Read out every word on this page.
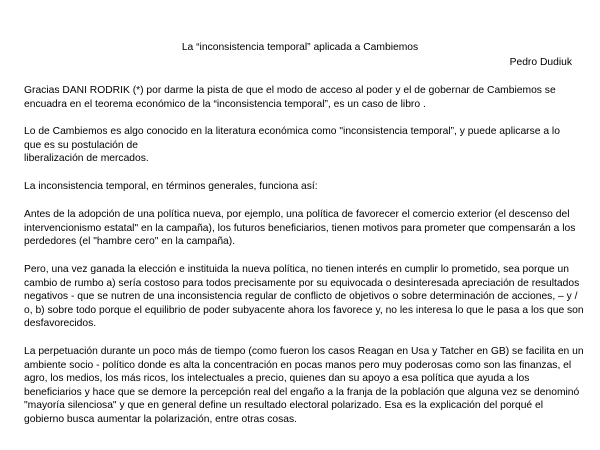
La “inconsistencia temporal” aplicada a Cambiemos
Pedro Dudiuk

Gracias DANI RODRIK (*) por darme la pista de que el modo de acceso al poder y el de gobernar de Cambiemos se encuadra en el teorema económico de la “inconsistencia temporal”, es un caso de libro .

Lo de Cambiemos es algo conocido en la literatura económica como "inconsistencia temporal”, y puede aplicarse a lo
que es su postulación de
liberalización de mercados.

La inconsistencia temporal, en términos generales, funciona así:

Antes de la adopción de una política nueva, por ejemplo, una política de favorecer el comercio exterior (el descenso del intervencionismo estatal" en la campaña), los futuros beneficiarios, tienen motivos para prometer que compensarán a los perdedores (el "hambre cero" en la campaña).

Pero, una vez ganada la elección e instituida la nueva política, no tienen interés en cumplir lo prometido, sea porque un cambio de rumbo a) sería costoso para todos precisamente por su equivocada o desinteresada apreciación de resultados negativos - que se nutren de una inconsistencia regular de conflicto de objetivos o sobre determinación de acciones, – y / o, b) sobre todo porque el equilibrio de poder subyacente ahora los favorece y, no les interesa lo que le pasa a los que son desfavorecidos.

La perpetuación durante un poco más de tiempo (como fueron los casos Reagan en Usa y Tatcher en GB) se facilita en un ambiente socio - político donde es alta la concentración en pocas manos pero muy poderosas como son las finanzas, el agro, los medios, los más ricos, los intelectuales a precio, quienes dan su apoyo a esa política que ayuda a los beneficiarios y hace que se demore la percepción real del engaño a la franja de la población que alguna vez se denominó "mayoría silenciosa" y que en general define un resultado electoral polarizado. Esa es la explicación del porqué el gobierno busca aumentar la polarización, entre otras cosas.
